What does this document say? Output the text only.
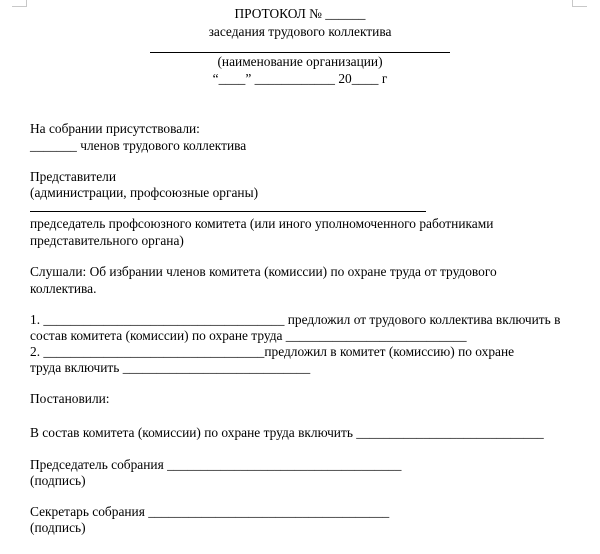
ПРОТОКОЛ № ______
заседания трудового коллектива
(наименование организации)
“____” ____________ 20____ г
На собрании присутствовали:
_______ членов трудового коллектива
Представители
(администрации, профсоюзные органы)
председатель профсоюзного комитета (или иного уполномоченного работниками
представительного органа)
Слушали: Об избрании членов комитета (комиссии) по охране труда от трудового
коллектива.
1. ____________________________________ предложил от трудового коллектива включить в
состав комитета (комиссии) по охране труда ___________________________
2. _________________________________предложил в комитет (комиссию) по охране
труда включить ____________________________
Постановили:
В состав комитета (комиссии) по охране труда включить ____________________________
Председатель собрания ___________________________________
(подпись)
Секретарь собрания ____________________________________
(подпись)
